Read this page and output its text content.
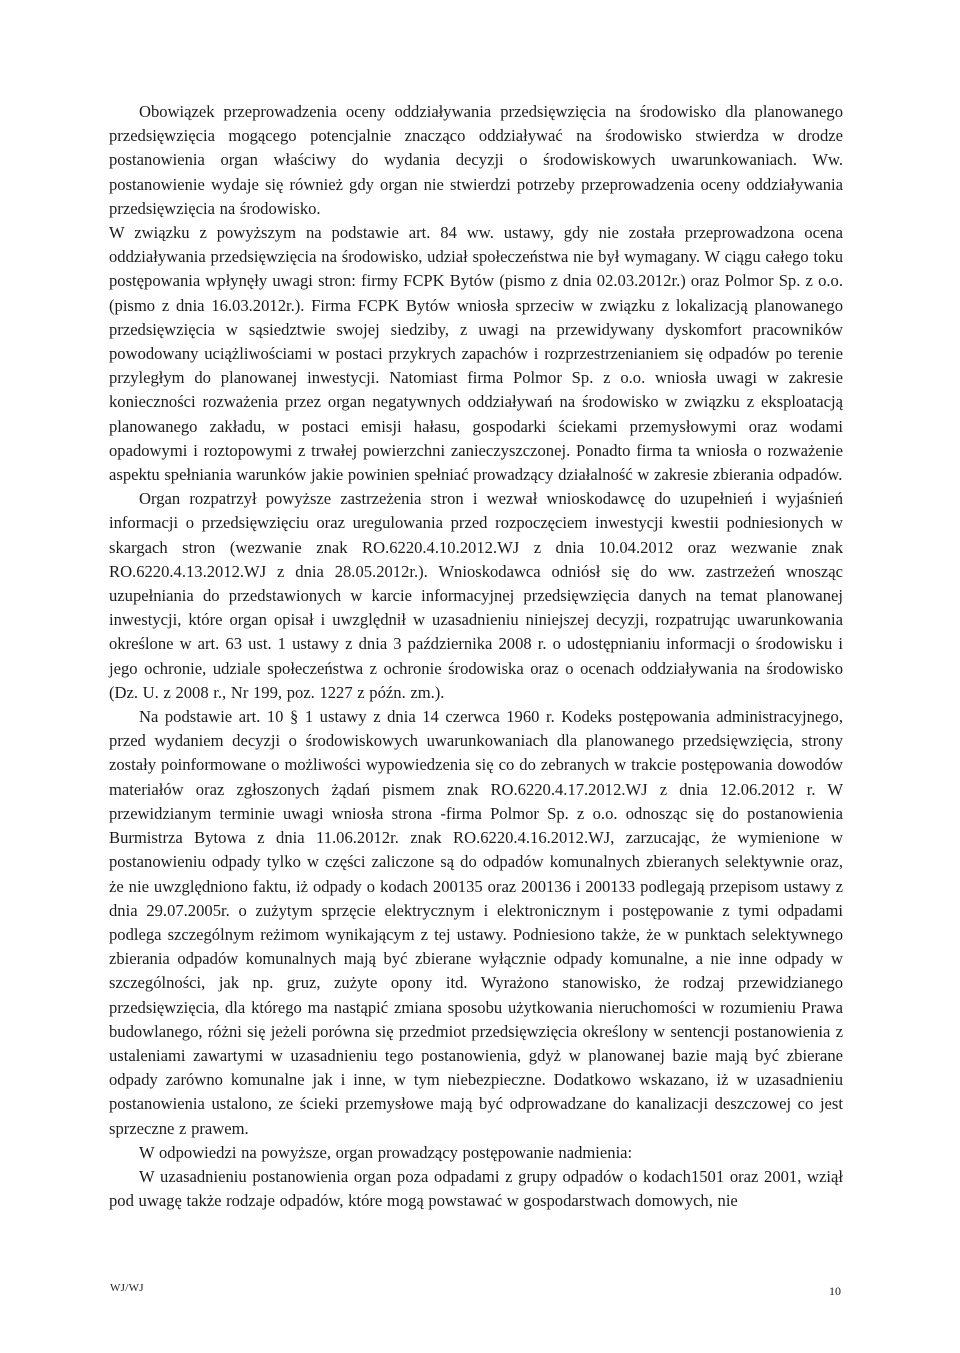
Obowiązek przeprowadzenia oceny oddziaływania przedsięwzięcia na środowisko dla planowanego przedsięwzięcia mogącego potencjalnie znacząco oddziaływać na środowisko stwierdza w drodze postanowienia organ właściwy do wydania decyzji o środowiskowych uwarunkowaniach. Ww. postanowienie wydaje się również gdy organ nie stwierdzi potrzeby przeprowadzenia oceny oddziaływania przedsięwzięcia na środowisko.

W związku z powyższym na podstawie art. 84 ww. ustawy, gdy nie została przeprowadzona ocena oddziaływania przedsięwzięcia na środowisko, udział społeczeństwa nie był wymagany. W ciągu całego toku postępowania wpłynęły uwagi stron: firmy FCPK Bytów (pismo z dnia 02.03.2012r.) oraz Polmor Sp. z o.o. (pismo z dnia 16.03.2012r.). Firma FCPK Bytów wniosła sprzeciw w związku z lokalizacją planowanego przedsięwzięcia w sąsiedztwie swojej siedziby, z uwagi na przewidywany dyskomfort pracowników powodowany uciążliwościami w postaci przykrych zapachów i rozprzestrzenianiem się odpadów po terenie przyległym do planowanej inwestycji. Natomiast firma Polmor Sp. z o.o. wniosła uwagi w zakresie konieczności rozważenia przez organ negatywnych oddziaływań na środowisko w związku z eksploatacją planowanego zakładu, w postaci emisji hałasu, gospodarki ściekami przemysłowymi oraz wodami opadowymi i roztopowymi z trwałej powierzchni zanieczyszczonej. Ponadto firma ta wniosła o rozważenie aspektu spełniania warunków jakie powinien spełniać prowadzący działalność w zakresie zbierania odpadów.

Organ rozpatrzył powyższe zastrzeżenia stron i wezwał wnioskodawcę do uzupełnień i wyjaśnień informacji o przedsięwzięciu oraz uregulowania przed rozpoczęciem inwestycji kwestii podniesionych w skargach stron (wezwanie znak RO.6220.4.10.2012.WJ z dnia 10.04.2012 oraz wezwanie znak RO.6220.4.13.2012.WJ z dnia 28.05.2012r.). Wnioskodawca odniósł się do ww. zastrzeżeń wnosząc uzupełniania do przedstawionych w karcie informacyjnej przedsięwzięcia danych na temat planowanej inwestycji, które organ opisał i uwzględnił w uzasadnieniu niniejszej decyzji, rozpatrując uwarunkowania określone w art. 63 ust. 1 ustawy z dnia 3 października 2008 r. o udostępnianiu informacji o środowisku i jego ochronie, udziale społeczeństwa z ochronie środowiska oraz o ocenach oddziaływania na środowisko (Dz. U. z 2008 r., Nr 199, poz. 1227 z późn. zm.).

Na podstawie art. 10 § 1 ustawy z dnia 14 czerwca 1960 r. Kodeks postępowania administracyjnego, przed wydaniem decyzji o środowiskowych uwarunkowaniach dla planowanego przedsięwzięcia, strony zostały poinformowane o możliwości wypowiedzenia się co do zebranych w trakcie postępowania dowodów materiałów oraz zgłoszonych żądań pismem znak RO.6220.4.17.2012.WJ z dnia 12.06.2012 r. W przewidzianym terminie uwagi wniosła strona -firma Polmor Sp. z o.o. odnosząc się do postanowienia Burmistrza Bytowa z dnia 11.06.2012r. znak RO.6220.4.16.2012.WJ, zarzucając, że wymienione w postanowieniu odpady tylko w części zaliczone są do odpadów komunalnych zbieranych selektywnie oraz, że nie uwzględniono faktu, iż odpady o kodach 200135 oraz 200136 i 200133 podlegają przepisom ustawy z dnia 29.07.2005r. o zużytym sprzęcie elektrycznym i elektronicznym i postępowanie z tymi odpadami podlega szczególnym reżimom wynikającym z tej ustawy. Podniesiono także, że w punktach selektywnego zbierania odpadów komunalnych mają być zbierane wyłącznie odpady komunalne, a nie inne odpady w szczególności, jak np. gruz, zużyte opony itd. Wyrażono stanowisko, że rodzaj przewidzianego przedsięwzięcia, dla którego ma nastąpić zmiana sposobu użytkowania nieruchomości w rozumieniu Prawa budowlanego, różni się jeżeli porówna się przedmiot przedsięwzięcia określony w sentencji postanowienia z ustaleniami zawartymi w uzasadnieniu tego postanowienia, gdyż w planowanej bazie mają być zbierane odpady zarówno komunalne jak i inne, w tym niebezpieczne. Dodatkowo wskazano, iż w uzasadnieniu postanowienia ustalono, ze ścieki przemysłowe mają być odprowadzane do kanalizacji deszczowej co jest sprzeczne z prawem.

W odpowiedzi na powyższe, organ prowadzący postępowanie nadmienia:

W uzasadnieniu postanowienia organ poza odpadami z grupy odpadów o kodach1501 oraz 2001, wziął pod uwagę także rodzaje odpadów, które mogą powstawać w gospodarstwach domowych, nie

WJ/WJ	10
